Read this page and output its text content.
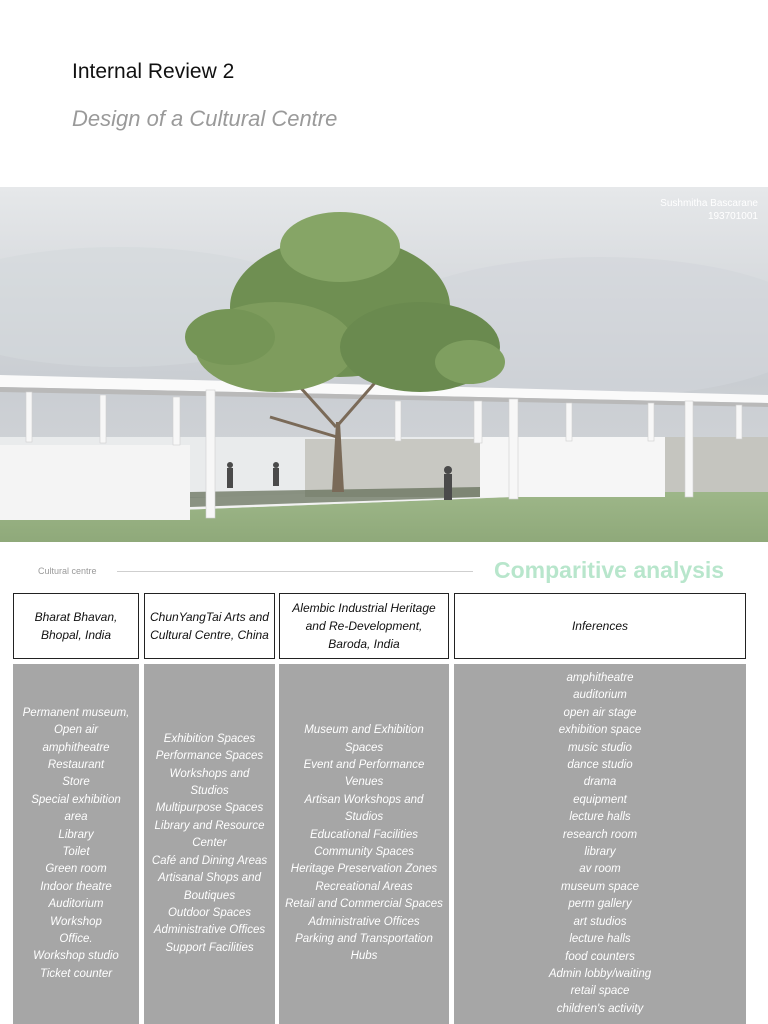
Internal Review 2
Design of a Cultural Centre
Sushmitha Bascarane
193701001
Cultural centre	Comparitive analysis
Bharat Bhavan, Bhopal, India
ChunYangTai Arts and Cultural Centre, China
Alembic Industrial Heritage and Re-Development, Baroda, India
Inferences
Permanent museum,
Open air
amphitheatre
Restaurant
Store
Special exhibition
area
Library
Toilet
Green room
Indoor theatre
Auditorium
Workshop
Office.
Workshop studio
Ticket counter
Exhibition Spaces
Performance Spaces
Workshops and
Studios
Multipurpose Spaces
Library and Resource
Center
Café and Dining Areas
Artisanal Shops and
Boutiques
Outdoor Spaces
Administrative Offices
Support Facilities
Museum and Exhibition
Spaces
Event and Performance
Venues
Artisan Workshops and
Studios
Educational Facilities
Community Spaces
Heritage Preservation Zones
Recreational Areas
Retail and Commercial Spaces
Administrative Offices
Parking and Transportation
Hubs
amphitheatre
auditorium
open air stage
exhibition space
music studio
dance studio
drama
equipment
lecture halls
research room
library
av room
museum space
perm gallery
art studios
lecture halls
food counters
Admin lobby/waiting
retail space
children's activity
